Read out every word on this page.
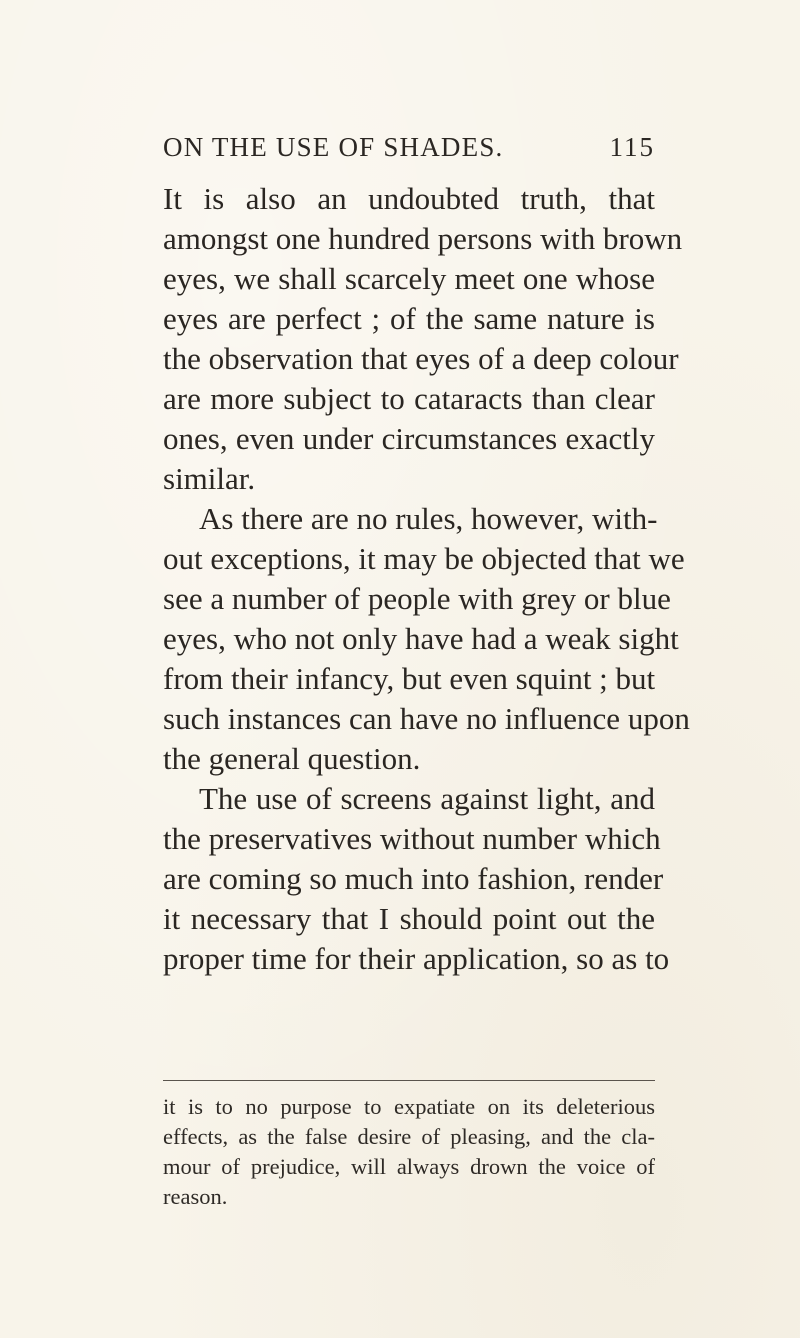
ON THE USE OF SHADES.	115
It is also an undoubted truth, that
amongst one hundred persons with brown
eyes, we shall scarcely meet one whose
eyes are perfect ; of the same nature is
the observation that eyes of a deep colour
are more subject to cataracts than clear
ones, even under circumstances exactly
similar.
As there are no rules, however, with-
out exceptions, it may be objected that we
see a number of people with grey or blue
eyes, who not only have had a weak sight
from their infancy, but even squint ; but
such instances can have no influence upon
the general question.
The use of screens against light, and
the preservatives without number which
are coming so much into fashion, render
it necessary that I should point out the
proper time for their application, so as to
it is to no purpose to expatiate on its deleterious
effects, as the false desire of pleasing, and the cla-
mour of prejudice, will always drown the voice of
reason.
